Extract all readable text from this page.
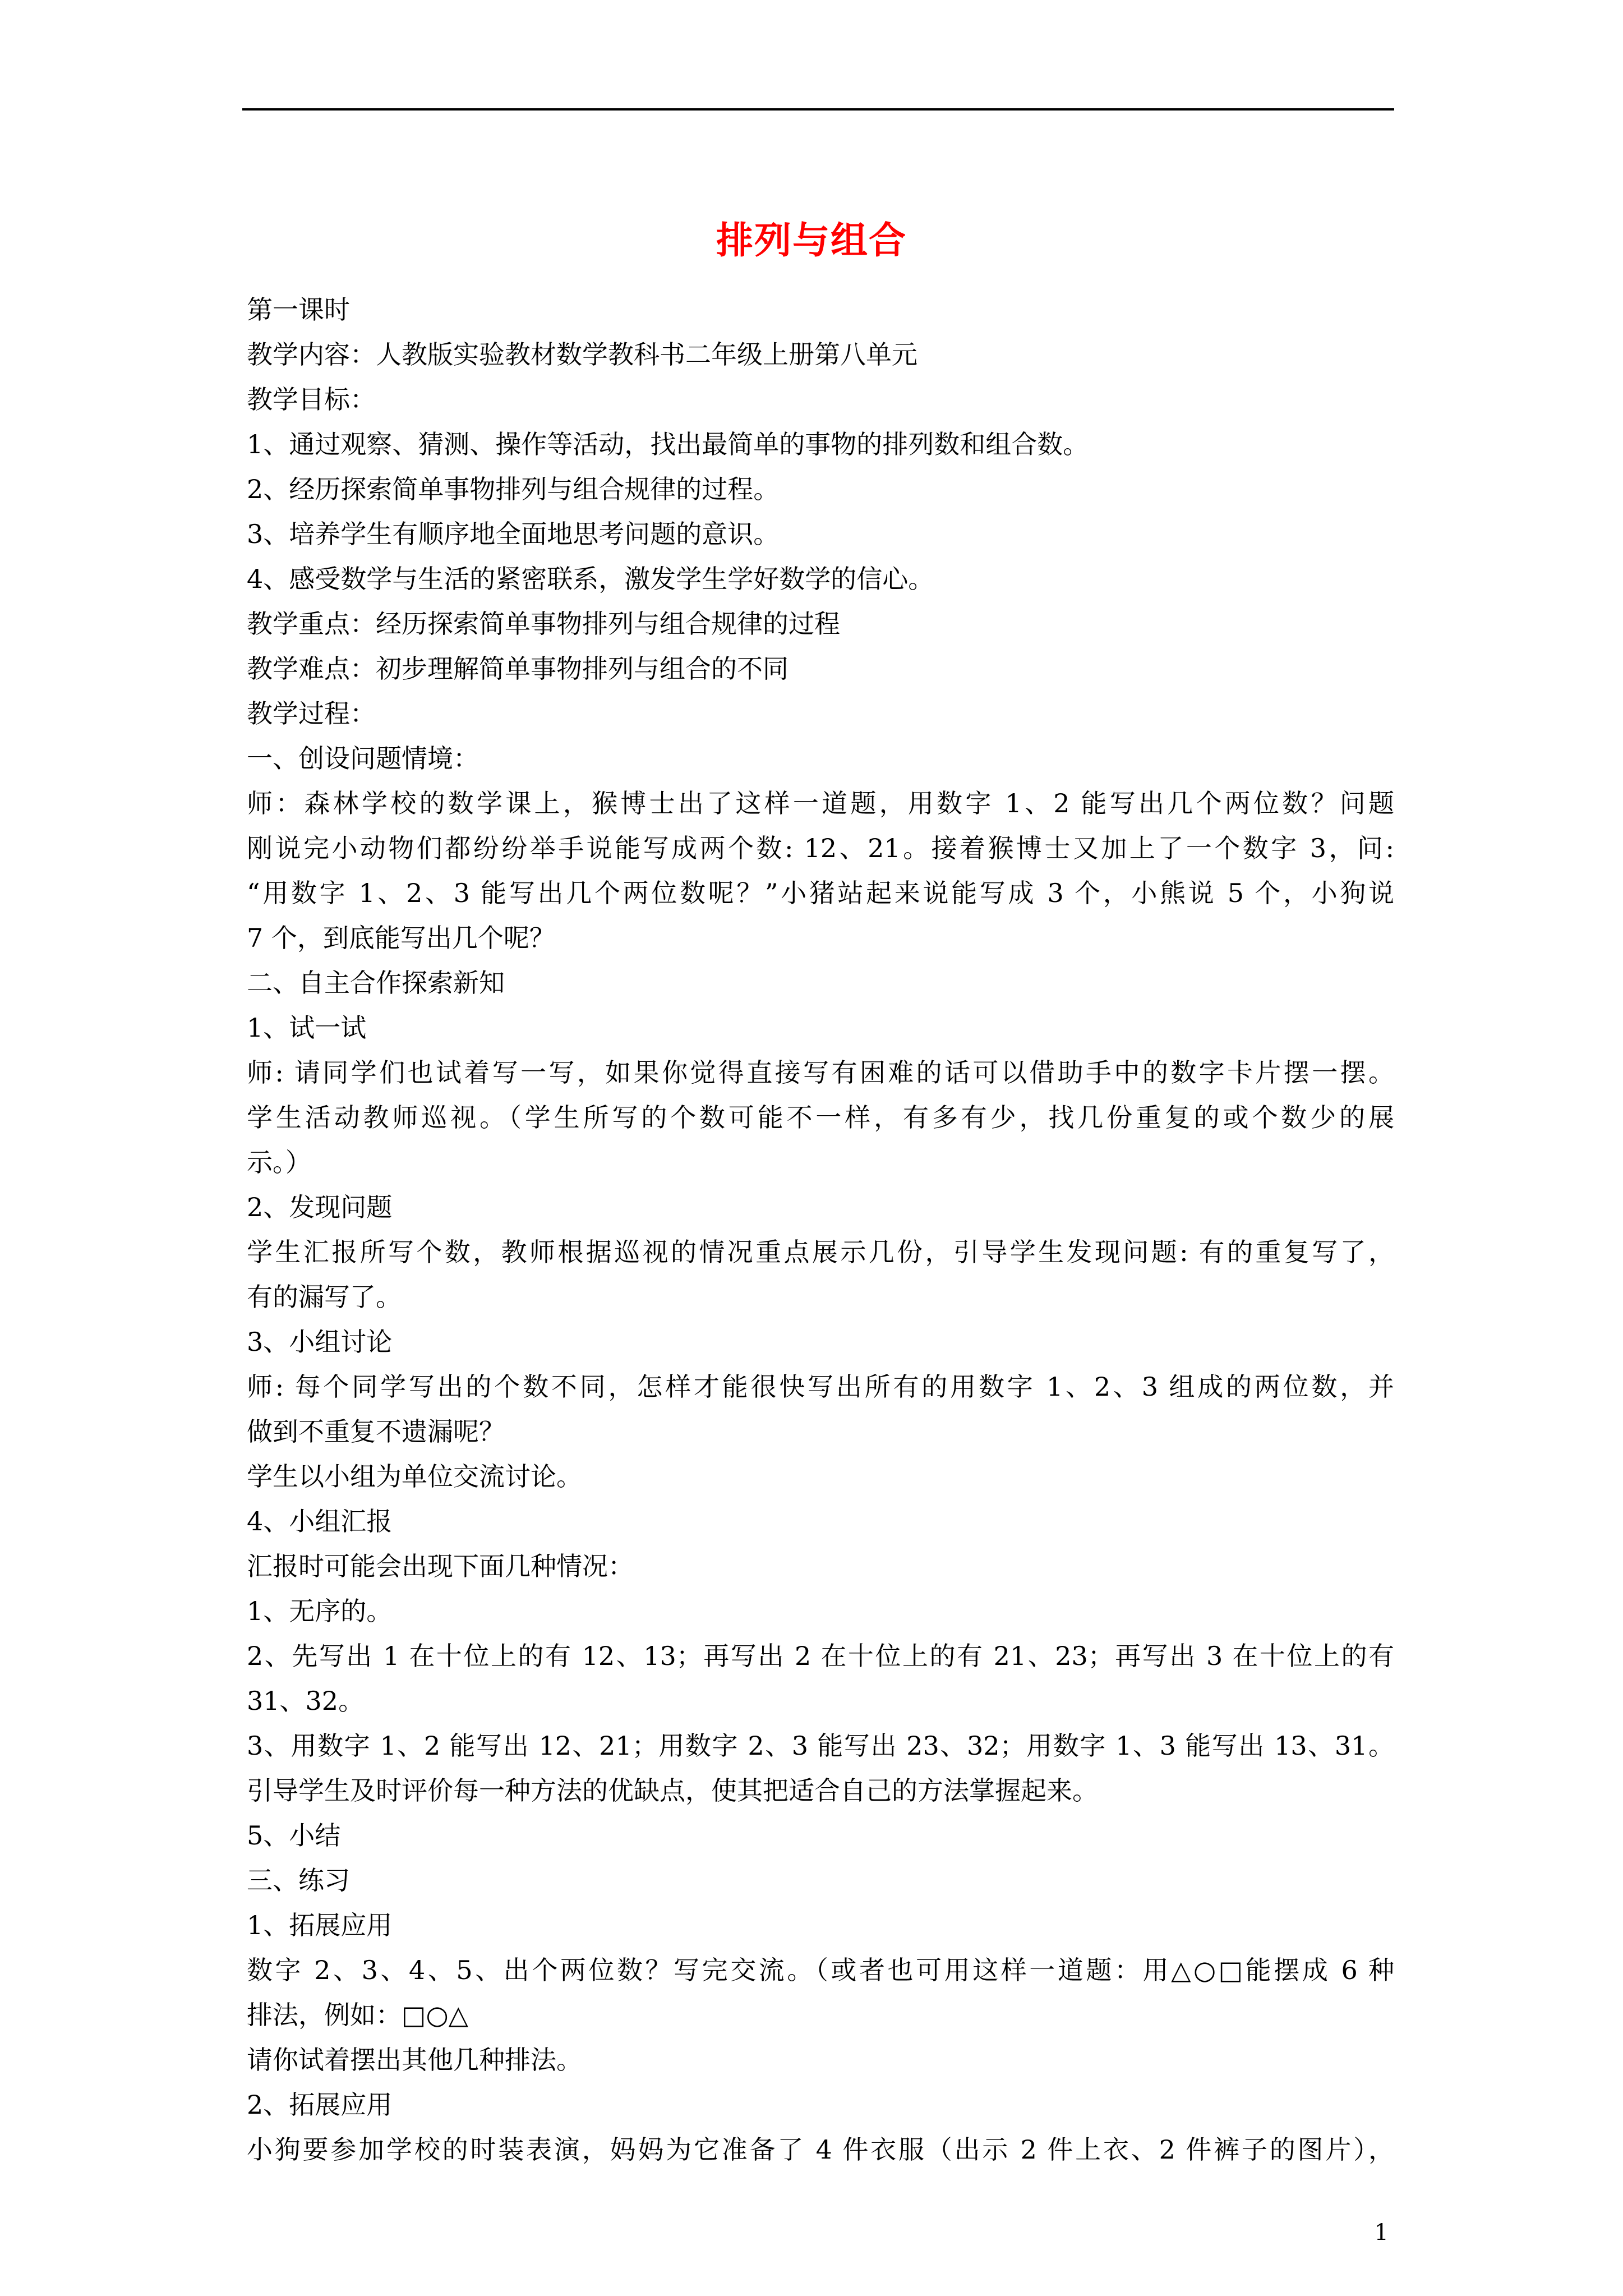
排列与组合
第一课时
教学内容：人教版实验教材数学教科书二年级上册第八单元
教学目标：
1、通过观察、猜测、操作等活动，找出最简单的事物的排列数和组合数。
2、经历探索简单事物排列与组合规律的过程。
3、培养学生有顺序地全面地思考问题的意识。
4、感受数学与生活的紧密联系，激发学生学好数学的信心。
教学重点：经历探索简单事物排列与组合规律的过程
教学难点：初步理解简单事物排列与组合的不同
教学过程：
一、创设问题情境：
师：森林学校的数学课上，猴博士出了这样一道题，用数字 1、2 能写出几个两位数？问题
刚说完小动物们都纷纷举手说能写成两个数: 12、21。接着猴博士又加上了一个数字 3，问:
“用数字 1、2、3 能写出几个两位数呢？”小猪站起来说能写成 3 个，小熊说 5 个，小狗说
7 个，到底能写出几个呢？
二、自主合作探索新知
1、试一试
师: 请同学们也试着写一写，如果你觉得直接写有困难的话可以借助手中的数字卡片摆一摆。
学生活动教师巡视。（学生所写的个数可能不一样，有多有少，找几份重复的或个数少的展
示。）
2、发现问题
学生汇报所写个数，教师根据巡视的情况重点展示几份，引导学生发现问题: 有的重复写了，
有的漏写了。
3、小组讨论
师: 每个同学写出的个数不同，怎样才能很快写出所有的用数字 1、2、3 组成的两位数，并
做到不重复不遗漏呢？
学生以小组为单位交流讨论。
4、小组汇报
汇报时可能会出现下面几种情况：
1、无序的。
2、先写出 1 在十位上的有 12、13；再写出 2 在十位上的有 21、23；再写出 3 在十位上的有
31、32。
3、用数字 1、2 能写出 12、21；用数字 2、3 能写出 23、32；用数字 1、3 能写出 13、31。
引导学生及时评价每一种方法的优缺点，使其把适合自己的方法掌握起来。
5、小结
三、练习
1、拓展应用
数字 2、3、4、5、出个两位数？写完交流。（或者也可用这样一道题：用△○□能摆成 6 种
排法，例如：□○△
请你试着摆出其他几种排法。
2、拓展应用
小狗要参加学校的时装表演，妈妈为它准备了 4 件衣服（出示 2 件上衣、2 件裤子的图片），
1
